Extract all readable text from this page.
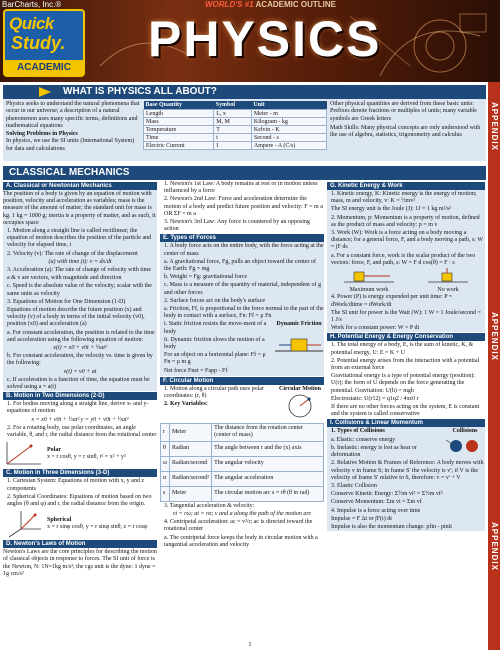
BarCharts, Inc.®	WORLD'S #1 ACADEMIC OUTLINE
Quick
Study.
ACADEMIC
PHYSICS
APPENDIX
APPENDIX
APPENDIX
WHAT IS PHYSICS ALL ABOUT?
Physics seeks to understand the natural phenomena that occur in our universe; a description of a natural phenomenon uses many specific terms, definitions and mathematical equations
Solving Problems in Physics
In physics, we use the SI units (International System) for data and calculations
Base Quantity	Symbol	Unit
Length	L, x	Meter - m
Mass	M, M	Kilogram - kg
Temperature	T	Kelvin - K
Time	t	Second - s
Electric Current	I	Ampere - A (C/s)
Other physical quantities are derived from these basic units: Prefixes denote fractions or multiples of units; many variable symbols are Greek letters
Math Skills: Many physical concepts are only understood with the use of algebra, statistics, trigonometry and calculus
CLASSICAL MECHANICS
A. Classical or Newtonian Mechanics
The position of a body is given by an equation of motion with position, velocity and acceleration as variables; mass is the measure of the amount of matter; the standard unit for mass is kg. 1 kg = 1000 g; inertia is a property of matter, and as such, it occupies space
1. Motion along a straight line is called rectilinear; the equation of motion describes the position of the particle and velocity for elapsed time, t
2. Velocity (v): The rate of change of the displacement
(a) with time (t): v = dx/dt
3. Acceleration (a): The rate of change of velocity with time
a & v are vectors, with magnitude and direction
c. Speed is the absolute value of the velocity; scalar with the same units as velocity
3. Equations of Motion for One Dimension (1-D)
Equations of motion describe the future position (x) and velocity (v) of a body in terms of the initial velocity (v0), position (x0) and acceleration (a)
a. For constant acceleration, the position is related to the time and acceleration using the following equation of motion:
x(t) = x0 + v0t + ½at²
b. For constant acceleration, the velocity vs. time is given by the following:
v(t) = v0 + at
c. If acceleration is a function of time, the equation must be solved using a = a(t)
B. Motion in Two Dimensions (2-D)
1. For bodies moving along a straight line, derive x- and y-equations of motion
x = x0 + v0t + ½at² y = y0 + v0t + ½at²
2. For a rotating body, use polar coordinates, an angle variable, θ, and r, the radial distance from the rotational center
Polar
x = r cosθ, y = r sinθ, r² = x² + y²
C. Motion in Three Dimensions (3-D)
1. Cartesian System: Equations of motion with x, y and z components
2. Spherical Coordinates: Equations of motion based on two angles (θ and φ) and r, the radial distance from the origin.
Spherical
x = r sinφ cosθ, y = r sinφ sinθ, z = r cosφ
D. Newton's Laws of Motion
Newton's Laws are the core principles for describing the motion of classical objects in response to forces. The SI unit of force is the Newton, N: 1N=1kg m/s²; the cgs unit is the dyne: 1 dyne = 1g cm/s²
1. Newton's 1st Law: A body remains at rest or in motion unless influenced by a force
2. Newton's 2nd Law: Force and acceleration determine the motion of a body and predict future position and velocity: F = m a OR ΣF = m a
3. Newton's 3rd Law: Any force is countered by an opposing action
E. Types of Forces
1. A body force acts on the entire body, with the force acting at the center of mass
a. A gravitational force, Fg, pulls an object toward the center of the Earth: Fg = mg
b. Weight = Fg: gravitational force
c. Mass is a measure of the quantity of material, independent of g and other forces
2. Surface forces act on the body's surface
a. Friction, Ff, is proportional to the force normal to the part of the body in contact with a surface, Fn: Ff = μ Fn
i. Static friction resists the move-ment of a body
ii. Dynamic friction slows the motion of a body
For an object on a horizontal plane: Ff = μ Fn = μ m g
Net force Fnet = Fapp - Ff
Dynamic Friction
F. Circular Motion
1. Motion along a circular path uses polar coordinates: (r, θ)
2. Key Variables:
Circular Motion
r	Meter	The distance from the rotation center (center of mass)
θ	Radian	The angle between r and the (x) axis
ω	Radian/second	The angular velocity
α	Radian/second²	The angular acceleration
s	Meter	The circular motion arc s = rθ (θ in rad)
3. Tangential acceleration & velocity:
vt = rω; at = rα; v and a along the path of the motion arc
4. Centripetal acceleration: ac = v²/r; ac is directed toward the rotational center
a. The centripetal force keeps the body in circular motion with a tangential acceleration and velocity
G. Kinetic Energy & Work
1. Kinetic energy, K: Kinetic energy is the energy of motion; mass, m and velocity, v: K = ½mv²
The SI energy unit is the Joule (J): 1J = 1 kg m²/s²
2. Momentum, p: Momentum is a property of motion, defined as the product of mass and velocity: p = m v
3. Work (W): Work is a force acting on a body moving a distance; for a general force, F, and a body moving a path, s: W = ∫F ds
a. For a constant force, work is the scalar product of the two vectors: force, F, and path, s: W = F d cos(θ) = F · s
Maximum work	No work
4. Power (P) is energy expended per unit time: P = dWork/dtime = dWork/dt
The SI unit for power is the Watt (W): 1 W = 1 Joule/second = 1 J/s
Work for a constant power: W = P dt
H. Potential Energy & Energy Conservation
1. The total energy of a body, E, is the sum of kinetic, K, & potential energy, U: E = K + U
2. Potential energy arises from the interaction with a potential from an external force
Gravitational energy is a type of potential energy (position): U(r); the form of U depends on the force generating the potential. Gravitation: U(h) = mgh
Electrostatic: U(r12) = q1q2 / 4πε0 r
If there are no other forces acting on the system, E is constant and the system is called conservative
I. Collisions & Linear Momentum
1. Types of Collisions
a. Elastic: conserve energy
b. Inelastic: energy is lost as heat or deformation
Collisions
2. Relative Motion & Frames of Reference: A body moves with velocity v in frame S; in frame S' the velocity is v'; if V is the velocity of frame S' relative to S, therefore: v = v' + V
3. Elastic Collision
Conserve Kinetic Energy: Σ½m vi² = Σ½m vf²
Conserve Momentum: Σm vi = Σm vf
4. Impulse is a force acting over time
Impulse = F Δt or ∫F(t) dt
Impulse is also the momentum change: pfin - pinit
1
